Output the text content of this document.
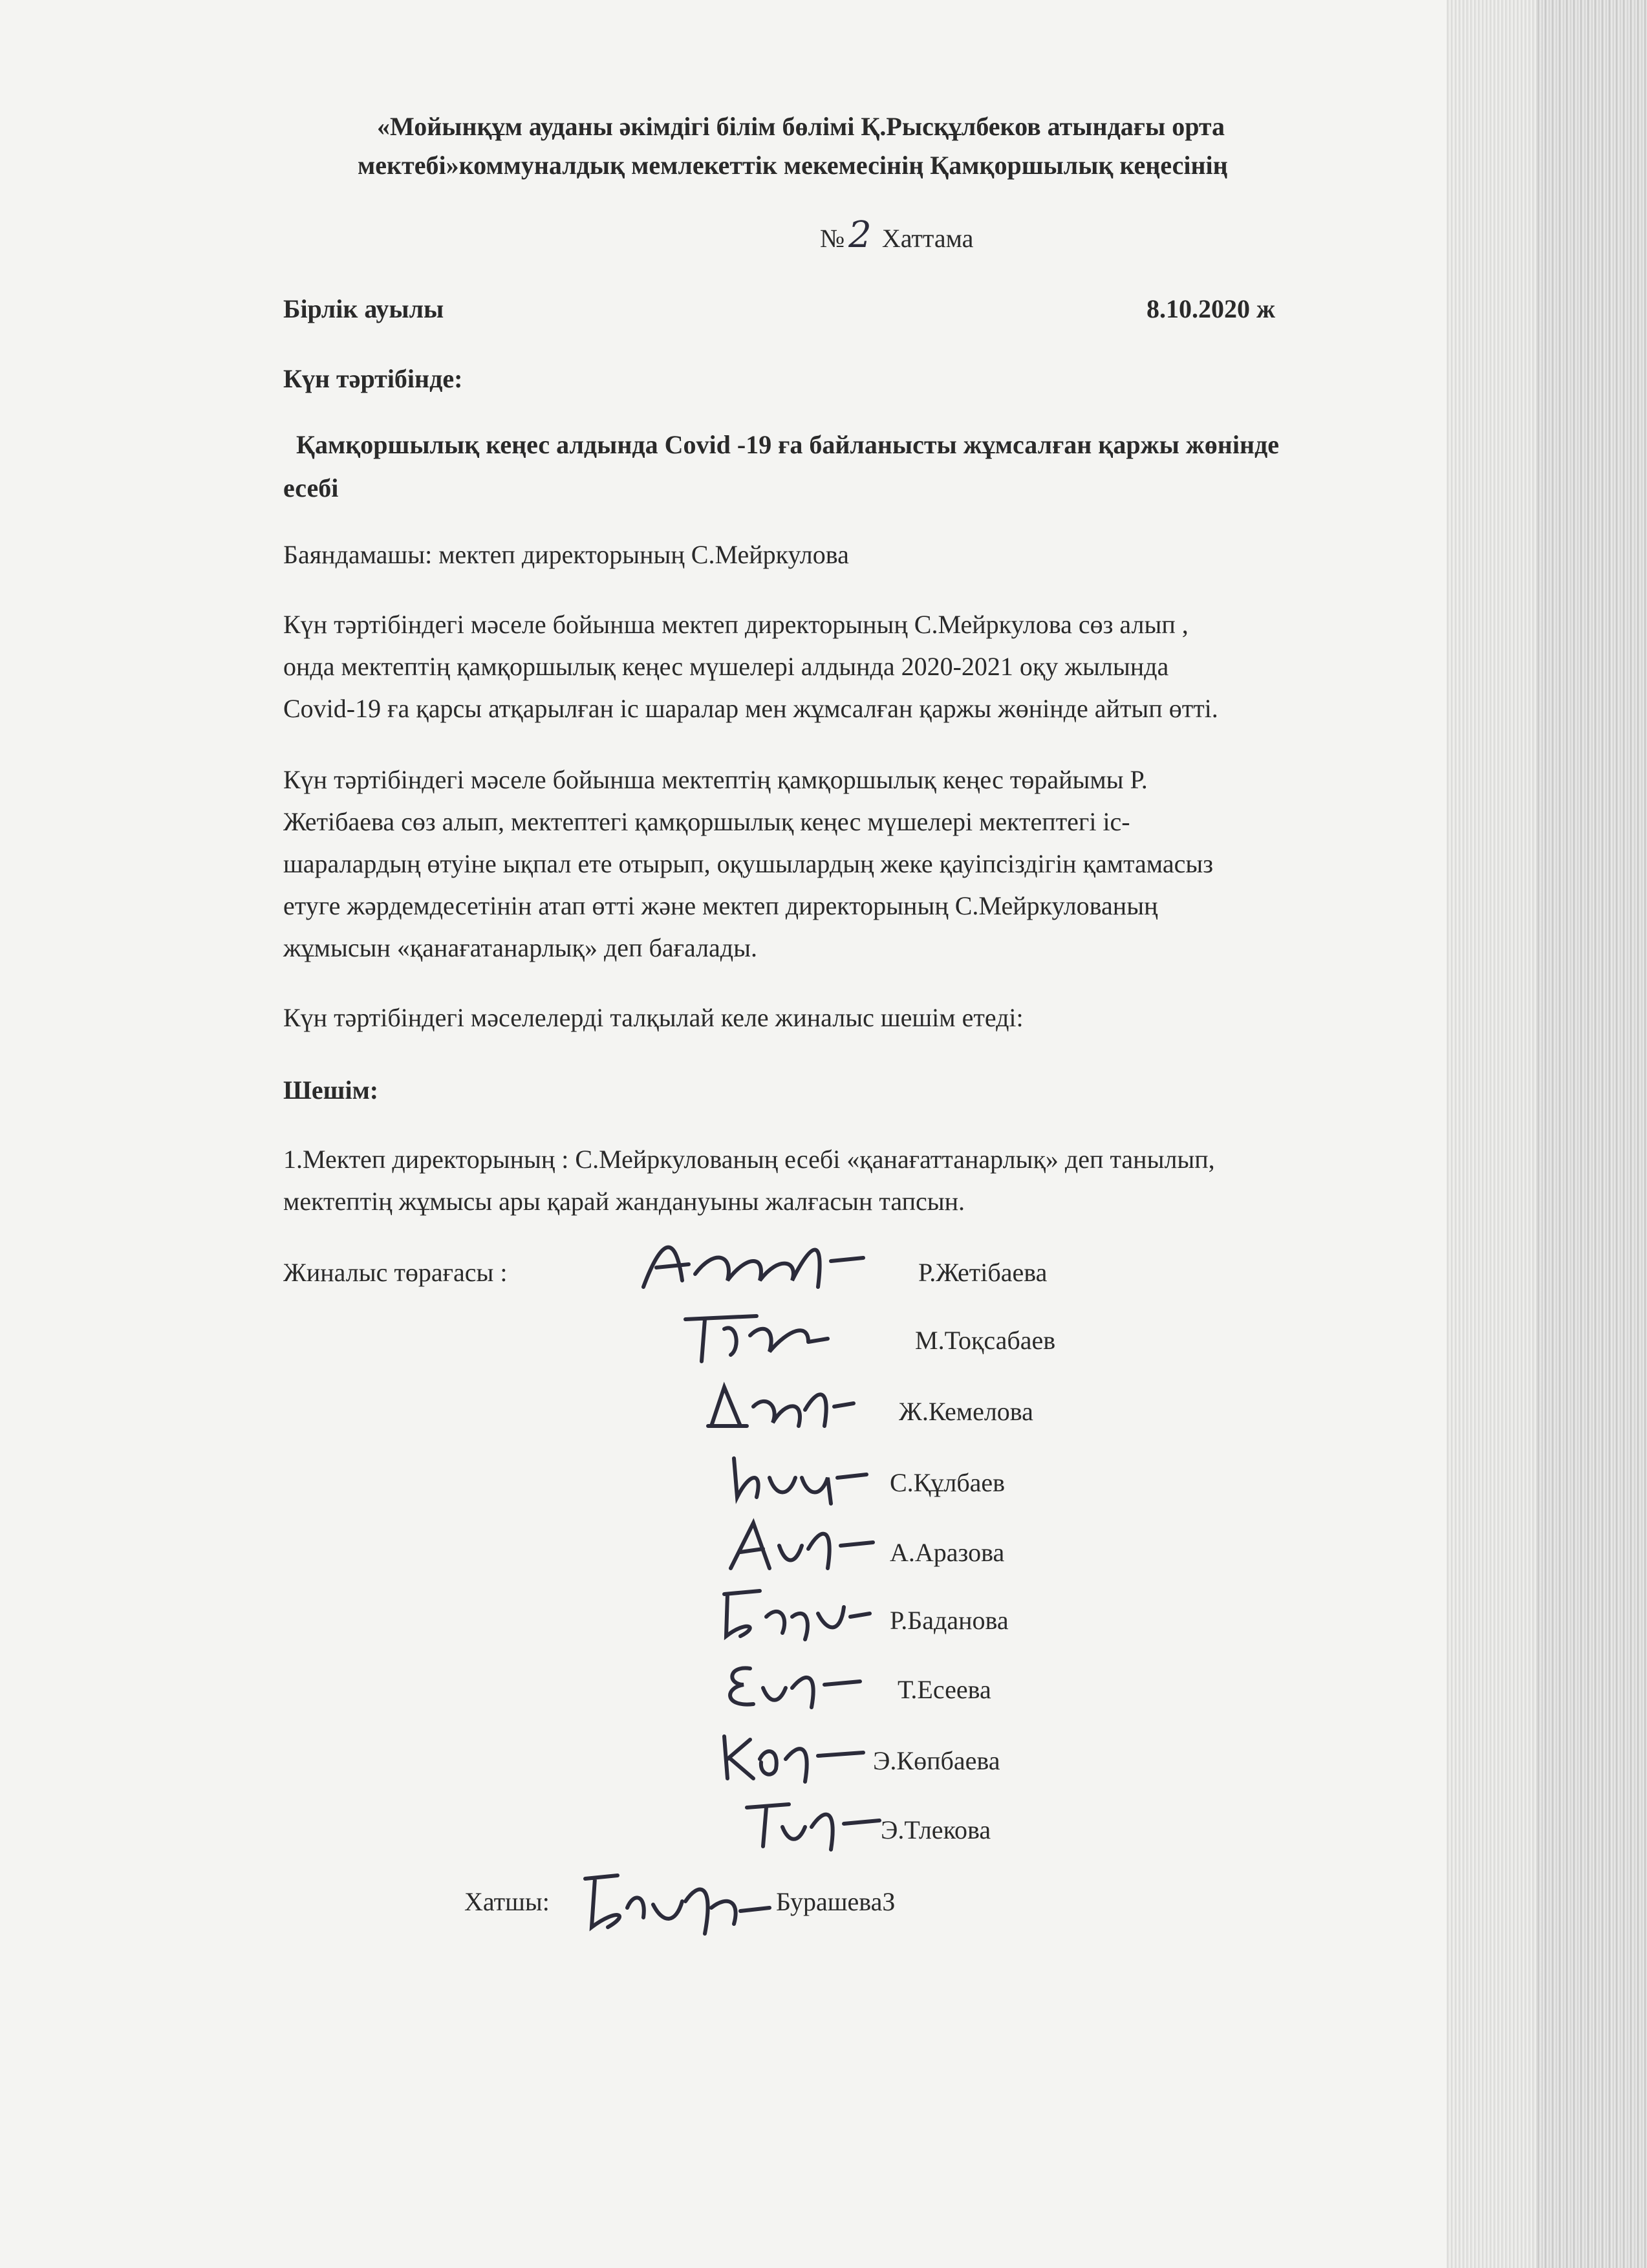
«Мойынқұм ауданы әкімдігі білім бөлімі Қ.Рысқұлбеков атындағы орта
мектебі»коммуналдық мемлекеттік мекемесінің Қамқоршылық кеңесінің
№ 2 Хаттама
Бірлік ауылы	8.10.2020 ж
Күн тәртібінде:
Қамқоршылық кеңес алдында Covid -19 ға байланысты жұмсалған қаржы жөнінде
есебі
Баяндамашы: мектеп директорының С.Мейркулова
Күн тәртібіндегі мәселе бойынша мектеп директорының С.Мейркулова сөз алып ,
онда мектептің қамқоршылық кеңес мүшелері алдында 2020-2021 оқу жылында
Covid-19 ға қарсы атқарылған іс шаралар мен жұмсалған қаржы жөнінде айтып өтті.
Күн тәртібіндегі мәселе бойынша мектептің қамқоршылық кеңес төрайымы Р.
Жетібаева сөз алып, мектептегі қамқоршылық кеңес мүшелері мектептегі іс-
шаралардың өтуіне ықпал ете отырып, оқушылардың жеке қауіпсіздігін қамтамасыз
етуге жәрдемдесетінін атап өтті және мектеп директорының С.Мейркулованың
жұмысын «қанағатанарлық» деп бағалады.
Күн тәртібіндегі мәселелерді талқылай келе жиналыс шешім етеді:
Шешім:
1.Мектеп директорының : С.Мейркулованың есебі «қанағаттанарлық» деп танылып,
мектептің жұмысы ары қарай жандануыны жалғасын тапсын.
Жиналыс төрағасы :	Р.Жетібаева
М.Тоқсабаев
Ж.Кемелова
С.Құлбаев
А.Аразова
Р.Баданова
Т.Есеева
Э.Көпбаева
Э.Тлекова
Хатшы:	БурашеваЗ
